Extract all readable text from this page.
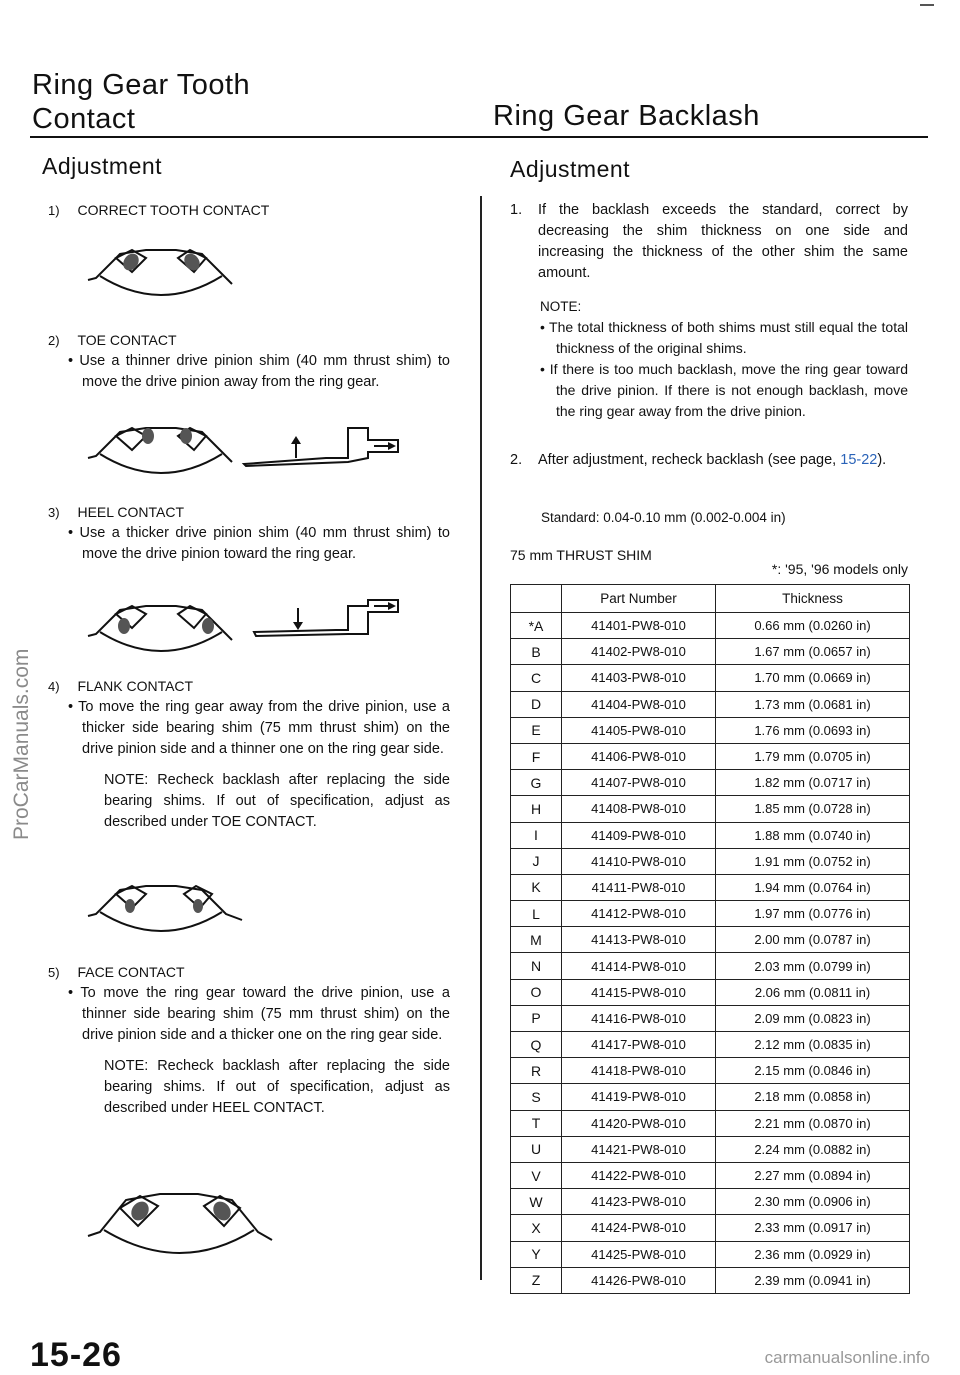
Ring Gear Tooth
Contact	Ring Gear Backlash
Adjustment	Adjustment
1) CORRECT TOOTH CONTACT
2) TOE CONTACT
• Use a thinner drive pinion shim (40 mm thrust shim) to move the drive pinion away from the ring gear.
3) HEEL CONTACT
• Use a thicker drive pinion shim (40 mm thrust shim) to move the drive pinion toward the ring gear.
4) FLANK CONTACT
• To move the ring gear away from the drive pinion, use a thicker side bearing shim (75 mm thrust shim) on the drive pinion side and a thinner one on the ring gear side.
NOTE: Recheck backlash after replacing the side bearing shims. If out of specification, adjust as described under TOE CONTACT.
5) FACE CONTACT
• To move the ring gear toward the drive pinion, use a thinner side bearing shim (75 mm thrust shim) on the drive pinion side and a thicker one on the ring gear side.
NOTE: Recheck backlash after replacing the side bearing shims. If out of specification, adjust as described under HEEL CONTACT.
1. If the backlash exceeds the standard, correct by decreasing the shim thickness on one side and increasing the thickness of the other shim the same amount.
NOTE:
• The total thickness of both shims must still equal the total thickness of the original shims.
• If there is too much backlash, move the ring gear toward the drive pinion. If there is not enough backlash, move the ring gear away from the drive pinion.
2. After adjustment, recheck backlash (see page, 15-22).
Standard: 0.04-0.10 mm (0.002-0.004 in)
75 mm THRUST SHIM
*: '95, '96 models only
	Part Number	Thickness
*A	41401-PW8-010	0.66 mm (0.0260 in)
B	41402-PW8-010	1.67 mm (0.0657 in)
C	41403-PW8-010	1.70 mm (0.0669 in)
D	41404-PW8-010	1.73 mm (0.0681 in)
E	41405-PW8-010	1.76 mm (0.0693 in)
F	41406-PW8-010	1.79 mm (0.0705 in)
G	41407-PW8-010	1.82 mm (0.0717 in)
H	41408-PW8-010	1.85 mm (0.0728 in)
I	41409-PW8-010	1.88 mm (0.0740 in)
J	41410-PW8-010	1.91 mm (0.0752 in)
K	41411-PW8-010	1.94 mm (0.0764 in)
L	41412-PW8-010	1.97 mm (0.0776 in)
M	41413-PW8-010	2.00 mm (0.0787 in)
N	41414-PW8-010	2.03 mm (0.0799 in)
O	41415-PW8-010	2.06 mm (0.0811 in)
P	41416-PW8-010	2.09 mm (0.0823 in)
Q	41417-PW8-010	2.12 mm (0.0835 in)
R	41418-PW8-010	2.15 mm (0.0846 in)
S	41419-PW8-010	2.18 mm (0.0858 in)
T	41420-PW8-010	2.21 mm (0.0870 in)
U	41421-PW8-010	2.24 mm (0.0882 in)
V	41422-PW8-010	2.27 mm (0.0894 in)
W	41423-PW8-010	2.30 mm (0.0906 in)
X	41424-PW8-010	2.33 mm (0.0917 in)
Y	41425-PW8-010	2.36 mm (0.0929 in)
Z	41426-PW8-010	2.39 mm (0.0941 in)
15-26
ProCarManuals.com
carmanualsonline.info
